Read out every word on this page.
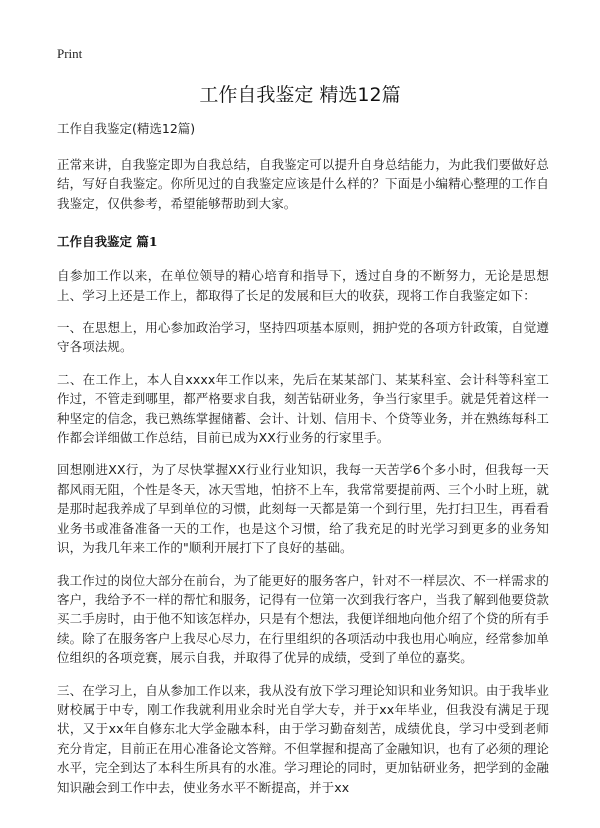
Print
工作自我鉴定 精选12篇

工作自我鉴定(精选12篇)

正常来讲，自我鉴定即为自我总结，自我鉴定可以提升自身总结能力，为此我们要做好总结，写好自我鉴定。你所见过的自我鉴定应该是什么样的？下面是小编精心整理的工作自我鉴定，仅供参考，希望能够帮助到大家。

工作自我鉴定 篇1

自参加工作以来，在单位领导的精心培育和指导下，透过自身的不断努力，无论是思想上、学习上还是工作上，都取得了长足的发展和巨大的收获，现将工作自我鉴定如下：

一、在思想上，用心参加政治学习，坚持四项基本原则，拥护党的各项方针政策，自觉遵守各项法规。

二、在工作上，本人自xxxx年工作以来，先后在某某部门、某某科室、会计科等科室工作过，不管走到哪里，都严格要求自我，刻苦钻研业务，争当行家里手。就是凭着这样一种坚定的信念，我已熟练掌握储蓄、会计、计划、信用卡、个贷等业务，并在熟练每科工作都会详细做工作总结，目前已成为XX行业务的行家里手。

回想刚进XX行，为了尽快掌握XX行业行业知识，我每一天苦学6个多小时，但我每一天都风雨无阻，个性是冬天，冰天雪地，怕挤不上车，我常常要提前两、三个小时上班，就是那时起我养成了早到单位的习惯，此刻每一天都是第一个到行里，先打扫卫生，再看看业务书或准备准备一天的工作，也是这个习惯，给了我充足的时光学习到更多的业务知识，为我几年来工作的"顺利开展打下了良好的基础。

我工作过的岗位大部分在前台，为了能更好的服务客户，针对不一样层次、不一样需求的客户，我给予不一样的帮忙和服务，记得有一位第一次到我行客户，当我了解到他要贷款买二手房时，由于他不知该怎样办，只是有个想法，我便详细地向他介绍了个贷的所有手续。除了在服务客户上我尽心尽力，在行里组织的各项活动中我也用心响应，经常参加单位组织的各项竞赛，展示自我，并取得了优异的成绩，受到了单位的嘉奖。

三、在学习上，自从参加工作以来，我从没有放下学习理论知识和业务知识。由于我毕业财校属于中专，刚工作我就利用业余时光自学大专，并于xx年毕业，但我没有满足于现状，又于xx年自修东北大学金融本科，由于学习勤奋刻苦，成绩优良，学习中受到老师充分肯定，目前正在用心准备论文答辩。不但掌握和提高了金融知识，也有了必须的理论水平，完全到达了本科生所具有的水准。学习理论的同时，更加钻研业务，把学到的金融知识融会到工作中去，使业务水平不断提高，并于xx
